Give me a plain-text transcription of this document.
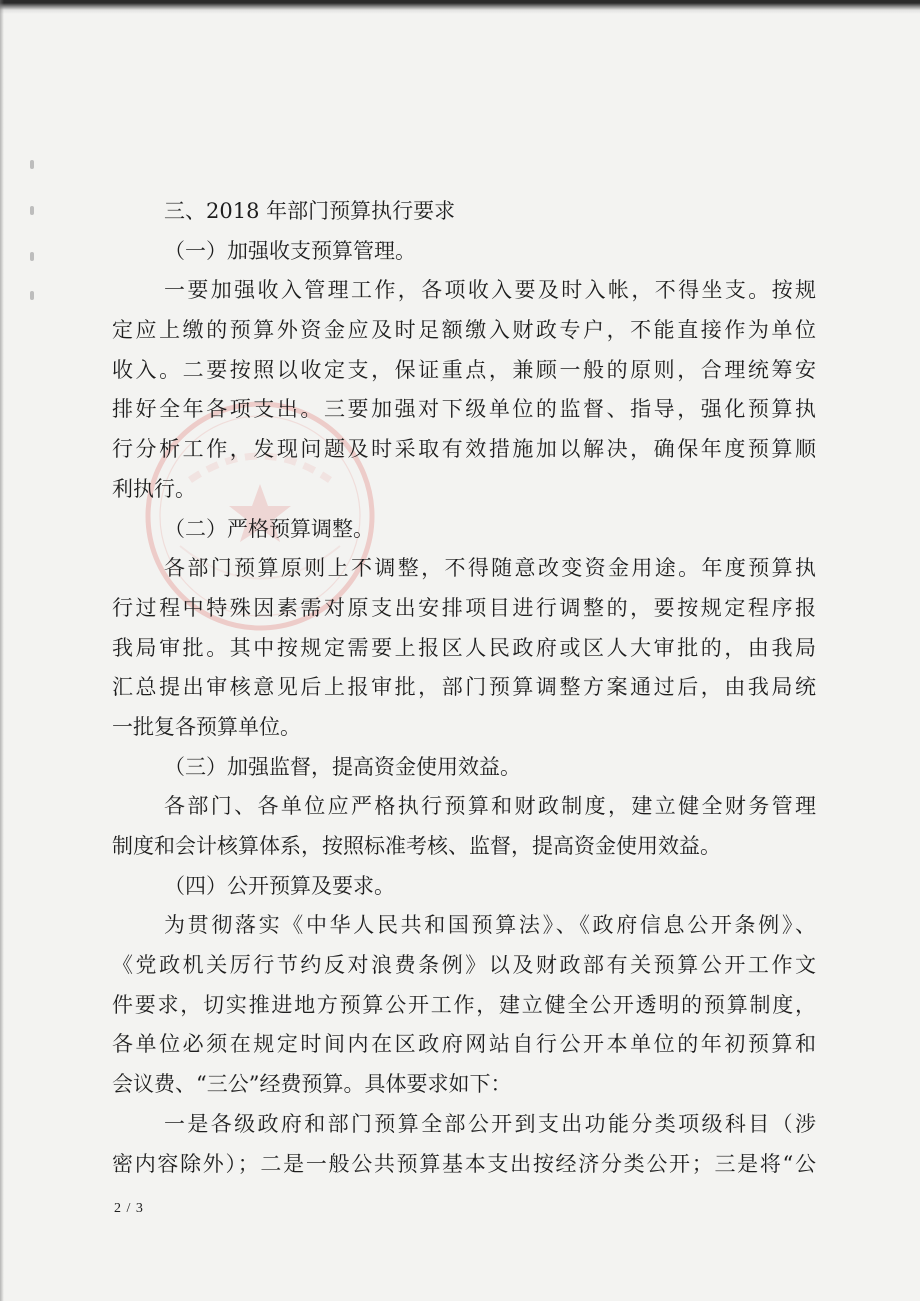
三、2018 年部门预算执行要求
（一）加强收支预算管理。
一要加强收入管理工作，各项收入要及时入帐，不得坐支。按规
定应上缴的预算外资金应及时足额缴入财政专户，不能直接作为单位
收入。二要按照以收定支，保证重点，兼顾一般的原则，合理统筹安
排好全年各项支出。三要加强对下级单位的监督、指导，强化预算执
行分析工作，发现问题及时采取有效措施加以解决，确保年度预算顺
利执行。
（二）严格预算调整。
各部门预算原则上不调整，不得随意改变资金用途。年度预算执
行过程中特殊因素需对原支出安排项目进行调整的，要按规定程序报
我局审批。其中按规定需要上报区人民政府或区人大审批的，由我局
汇总提出审核意见后上报审批，部门预算调整方案通过后，由我局统
一批复各预算单位。
（三）加强监督，提高资金使用效益。
各部门、各单位应严格执行预算和财政制度，建立健全财务管理
制度和会计核算体系，按照标准考核、监督，提高资金使用效益。
（四）公开预算及要求。
为贯彻落实《中华人民共和国预算法》、《政府信息公开条例》、
《党政机关厉行节约反对浪费条例》以及财政部有关预算公开工作文
件要求，切实推进地方预算公开工作，建立健全公开透明的预算制度，
各单位必须在规定时间内在区政府网站自行公开本单位的年初预算和
会议费、“三公”经费预算。具体要求如下：
一是各级政府和部门预算全部公开到支出功能分类项级科目（涉
密内容除外）；二是一般公共预算基本支出按经济分类公开；三是将“公
2 / 3
